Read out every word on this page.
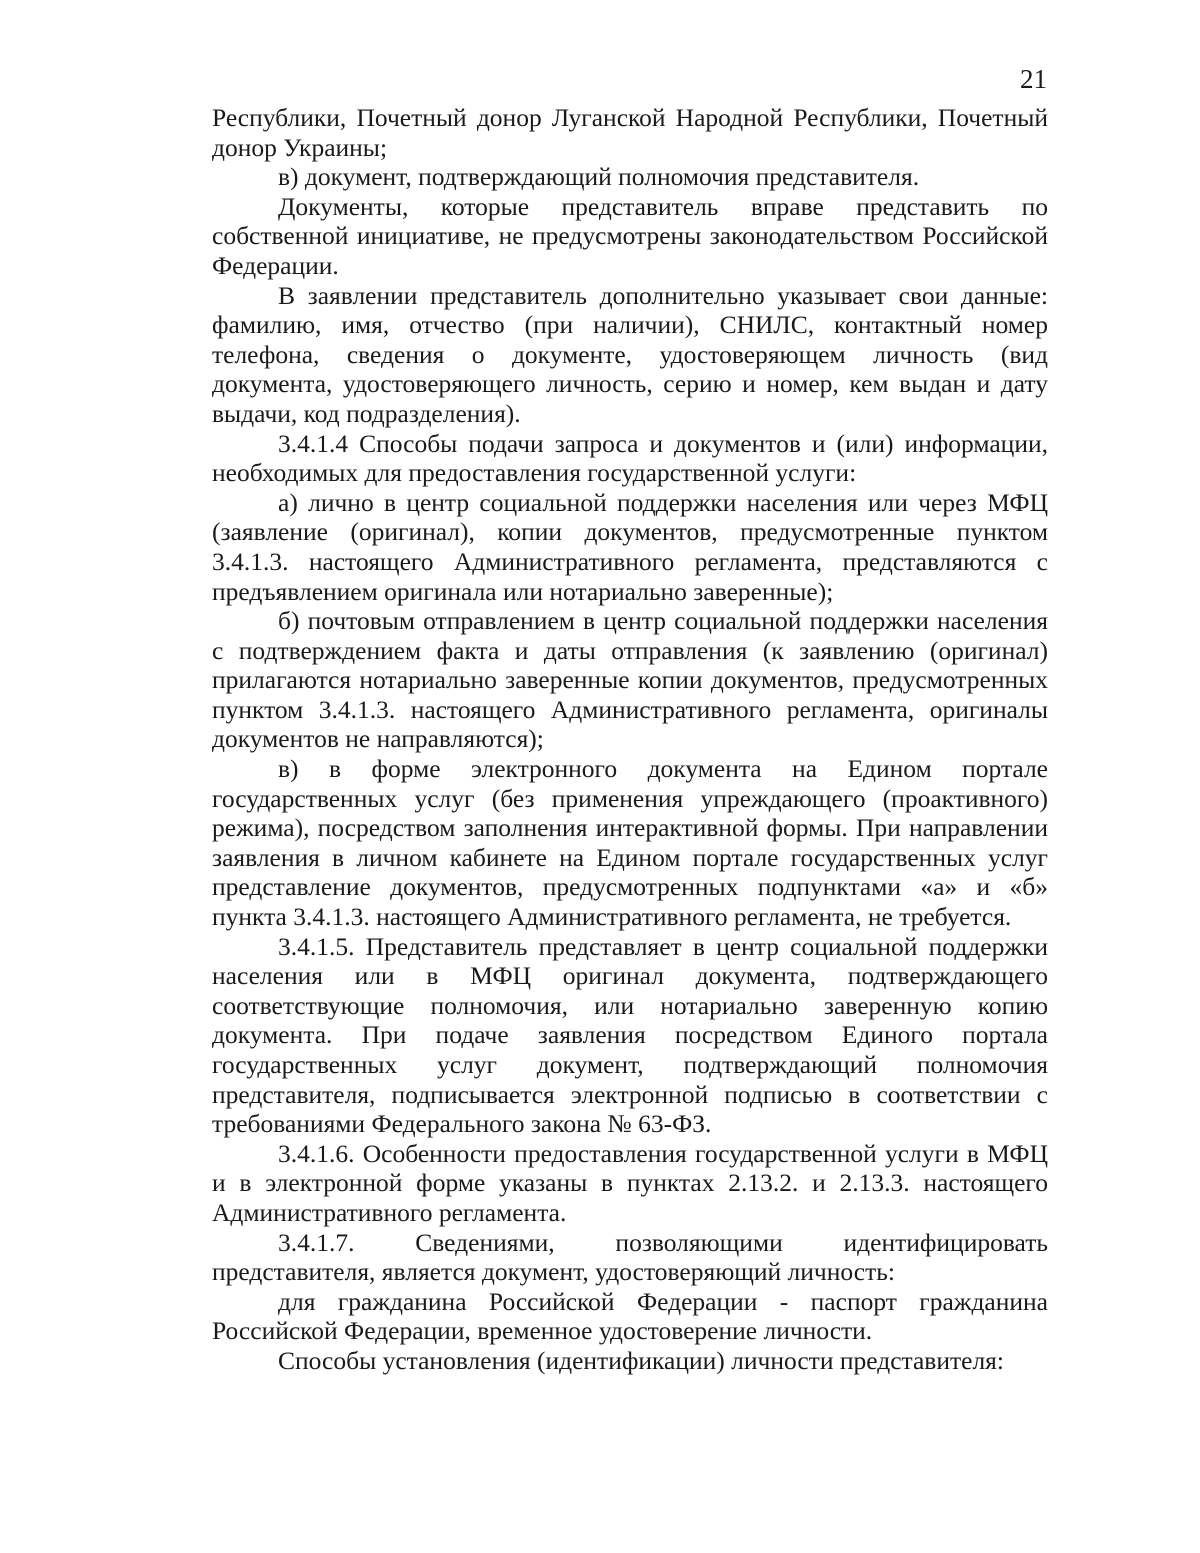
21

Республики, Почетный донор Луганской Народной Республики, Почетный донор Украины;

в) документ, подтверждающий полномочия представителя.

Документы, которые представитель вправе представить по собственной инициативе, не предусмотрены законодательством Российской Федерации.

В заявлении представитель дополнительно указывает свои данные: фамилию, имя, отчество (при наличии), СНИЛС, контактный номер телефона, сведения о документе, удостоверяющем личность (вид документа, удостоверяющего личность, серию и номер, кем выдан и дату выдачи, код подразделения).

3.4.1.4 Способы подачи запроса и документов и (или) информации, необходимых для предоставления государственной услуги:

а) лично в центр социальной поддержки населения или через МФЦ (заявление (оригинал), копии документов, предусмотренные пунктом 3.4.1.3. настоящего Административного регламента, представляются с предъявлением оригинала или нотариально заверенные);

б) почтовым отправлением в центр социальной поддержки населения с подтверждением факта и даты отправления (к заявлению (оригинал) прилагаются нотариально заверенные копии документов, предусмотренных пунктом 3.4.1.3. настоящего Административного регламента, оригиналы документов не направляются);

в) в форме электронного документа на Едином портале государственных услуг (без применения упреждающего (проактивного) режима), посредством заполнения интерактивной формы. При направлении заявления в личном кабинете на Едином портале государственных услуг представление документов, предусмотренных подпунктами «а» и «б» пункта 3.4.1.3. настоящего Административного регламента, не требуется.

3.4.1.5. Представитель представляет в центр социальной поддержки населения или в МФЦ оригинал документа, подтверждающего соответствующие полномочия, или нотариально заверенную копию документа. При подаче заявления посредством Единого портала государственных услуг документ, подтверждающий полномочия представителя, подписывается электронной подписью в соответствии с требованиями Федерального закона № 63-ФЗ.

3.4.1.6. Особенности предоставления государственной услуги в МФЦ и в электронной форме указаны в пунктах 2.13.2. и 2.13.3. настоящего Административного регламента.

3.4.1.7. Сведениями, позволяющими идентифицировать представителя, является документ, удостоверяющий личность:

для гражданина Российской Федерации - паспорт гражданина Российской Федерации, временное удостоверение личности.

Способы установления (идентификации) личности представителя:
